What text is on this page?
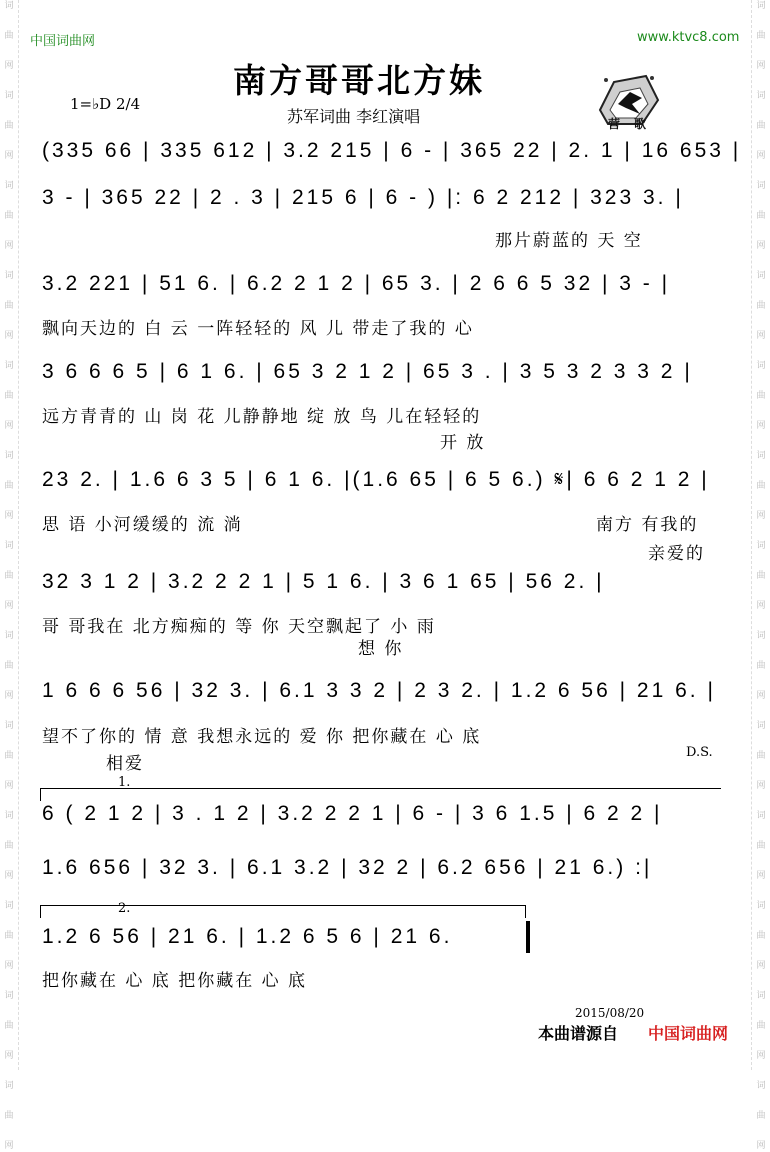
词
曲
网
词
曲
网
词
曲
网
词
曲
网
词
曲
网
词
曲
网
词
曲
网
词
曲
网
词
曲
网
词
曲
网
词
曲
网
词
曲
网
词
曲
网
词
曲
网
词
曲
网
词
曲
网
词
曲
网
词
曲
网
词
曲
网
词
曲
网
词
曲
网
词
曲
网
词
曲
网
词
曲
网
词
曲
网
词
曲
网
中国词曲网	www.ktvc8.com
南方哥哥北方妹
1=♭D 2/4
苏军词曲 李红演唱	营 歌
(335 66 | 335 612 | 3.2 215 | 6 - | 365 22 | 2. 1 | 16 653 |
3 - | 365 22 | 2 . 3 | 215 6 | 6 - ) |: 6 2 212 | 323 3. |
那片蔚蓝的 天 空
3.2 221 | 51 6. | 6.2 2 1 2 | 65 3. | 2 6 6 5 32 | 3 - |
飘向天边的 白 云 一阵轻轻的 风 儿 带走了我的 心
3 6 6 6 5 | 6 1 6. | 65 3 2 1 2 | 65 3 . | 3 5 3 2 3 3 2 |
远方青青的 山 岗 花 儿静静地 绽 放 鸟 儿在轻轻的
开 放
23 2. | 1.6 6 3 5 | 6 1 6. |(1.6 65 | 6 5 6.) 𝄋| 6 6 2 1 2 |
思 语 小河缓缓的 流 淌	南方 有我的
亲爱的
32 3 1 2 | 3.2 2 2 1 | 5 1 6. | 3 6 1 65 | 56 2. |
哥 哥我在 北方痴痴的 等 你 天空飘起了 小 雨
想 你
1 6 6 6 56 | 32 3. | 6.1 3 3 2 | 2 3 2. | 1.2 6 56 | 21 6. |
望不了你的 情 意 我想永远的 爱 你 把你藏在 心 底
相爱
D.S.
1.
6 ( 2 1 2 | 3 . 1 2 | 3.2 2 2 1 | 6 - | 3 6 1.5 | 6 2 2 |
1.6 656 | 32 3. | 6.1 3.2 | 32 2 | 6.2 656 | 21 6.) :|
2.
1.2 6 56 | 21 6. | 1.2 6 5 6 | 21 6.
把你藏在 心 底 把你藏在 心 底
2015/08/20
本曲谱源自 中国词曲网
